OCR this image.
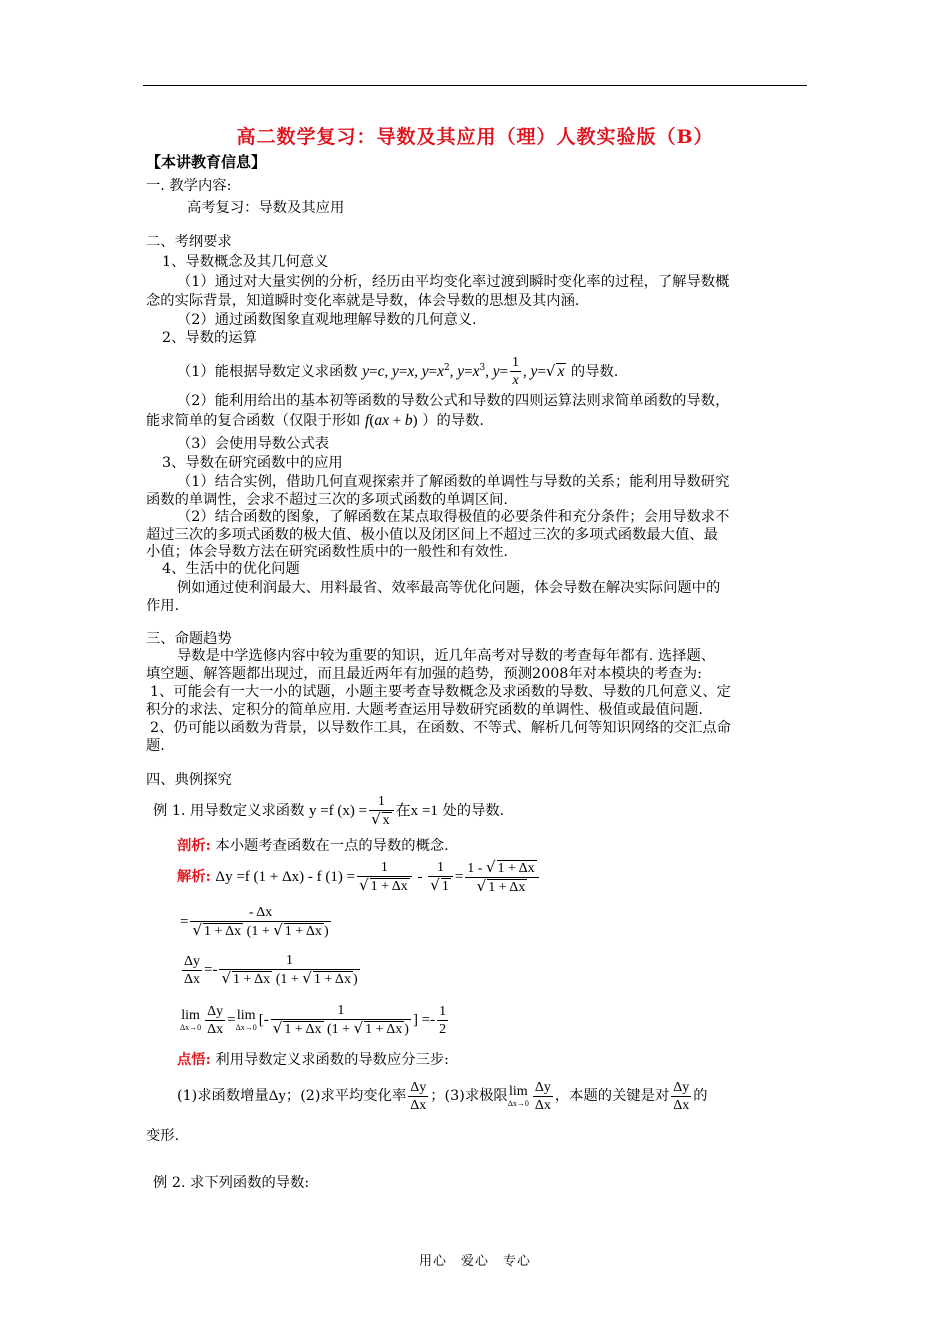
高二数学复习：导数及其应用（理）人教实验版（B）
【本讲教育信息】
一. 教学内容:
高考复习：导数及其应用
二、考纲要求
1、导数概念及其几何意义
（1）通过对大量实例的分析，经历由平均变化率过渡到瞬时变化率的过程，了解导数概
念的实际背景，知道瞬时变化率就是导数，体会导数的思想及其内涵.
（2）通过函数图象直观地理解导数的几何意义.
2、导数的运算
（1）能根据导数定义求函数 y=c, y=x, $y=x^2$, $y=x^3$, $y= \frac{1}{x}$ , y=√ x 的导数.
（2）能利用给出的基本初等函数的导数公式和导数的四则运算法则求简单函数的导数，
能求简单的复合函数（仅限于形如 f(ax + b) ）的导数.
（3）会使用导数公式表
3、导数在研究函数中的应用
（1）结合实例，借助几何直观探索并了解函数的单调性与导数的关系；能利用导数研究
函数的单调性，会求不超过三次的多项式函数的单调区间.
（2）结合函数的图象，了解函数在某点取得极值的必要条件和充分条件；会用导数求不
超过三次的多项式函数的极大值、极小值以及闭区间上不超过三次的多项式函数最大值、最
小值；体会导数方法在研究函数性质中的一般性和有效性.
4、生活中的优化问题
例如通过使利润最大、用料最省、效率最高等优化问题，体会导数在解决实际问题中的
作用.
三、命题趋势
导数是中学选修内容中较为重要的知识，近几年高考对导数的考查每年都有. 选择题、
填空题、解答题都出现过，而且最近两年有加强的趋势，预测2008年对本模块的考查为:
1、可能会有一大一小的试题，小题主要考查导数概念及求函数的导数、导数的几何意义、定
积分的求法、定积分的简单应用. 大题考查运用导数研究函数的单调性、极值或最值问题.
2、仍可能以函数为背景，以导数作工具，在函数、不等式、解析几何等知识网络的交汇点命
题.
四、典例探究
例 1. 用导数定义求函数 y =f $(x) = \frac{1}{√ x}$ 在x =1 处的导数.
剖析: 本小题考查函数在一点的导数的概念.
解析: Δy =f (1 + Δx) - f $(1) = \frac{1}{√ 1 + \Delta x} - \frac{1}{√ 1} = \frac{1 - √ 1 + \Delta x}{√ 1 + \Delta x}$
= $\frac{- \Delta x}{√ 1 + \Delta x (1 + √ 1 + \Delta x )}$
$\frac{\Delta y}{\Delta x} =- \frac{1}{√ 1 + \Delta x (1 + √ 1 + \Delta x )}$
lim
$\Delta x\to 0 \frac{\Delta y}{\Delta x} = \lim$
Δx→0 [- $\frac{1}{√ 1 + \Delta x (1 + √ 1 + \Delta x )}$ ] =- $\frac{1}{2}$
点悟: 利用导数定义求函数的导数应分三步:
(1)求函数增量Δy；(2)求平均变化率 $\frac{\Delta y}{\Delta x}$ ；(3)求极限 lim
$\Delta x\to 0 \frac{\Delta y}{\Delta x}$ ，本题的关键是对 $\frac{\Delta y}{\Delta x}$ 的
变形.
例 2. 求下列函数的导数:
用心　爱心　专心
